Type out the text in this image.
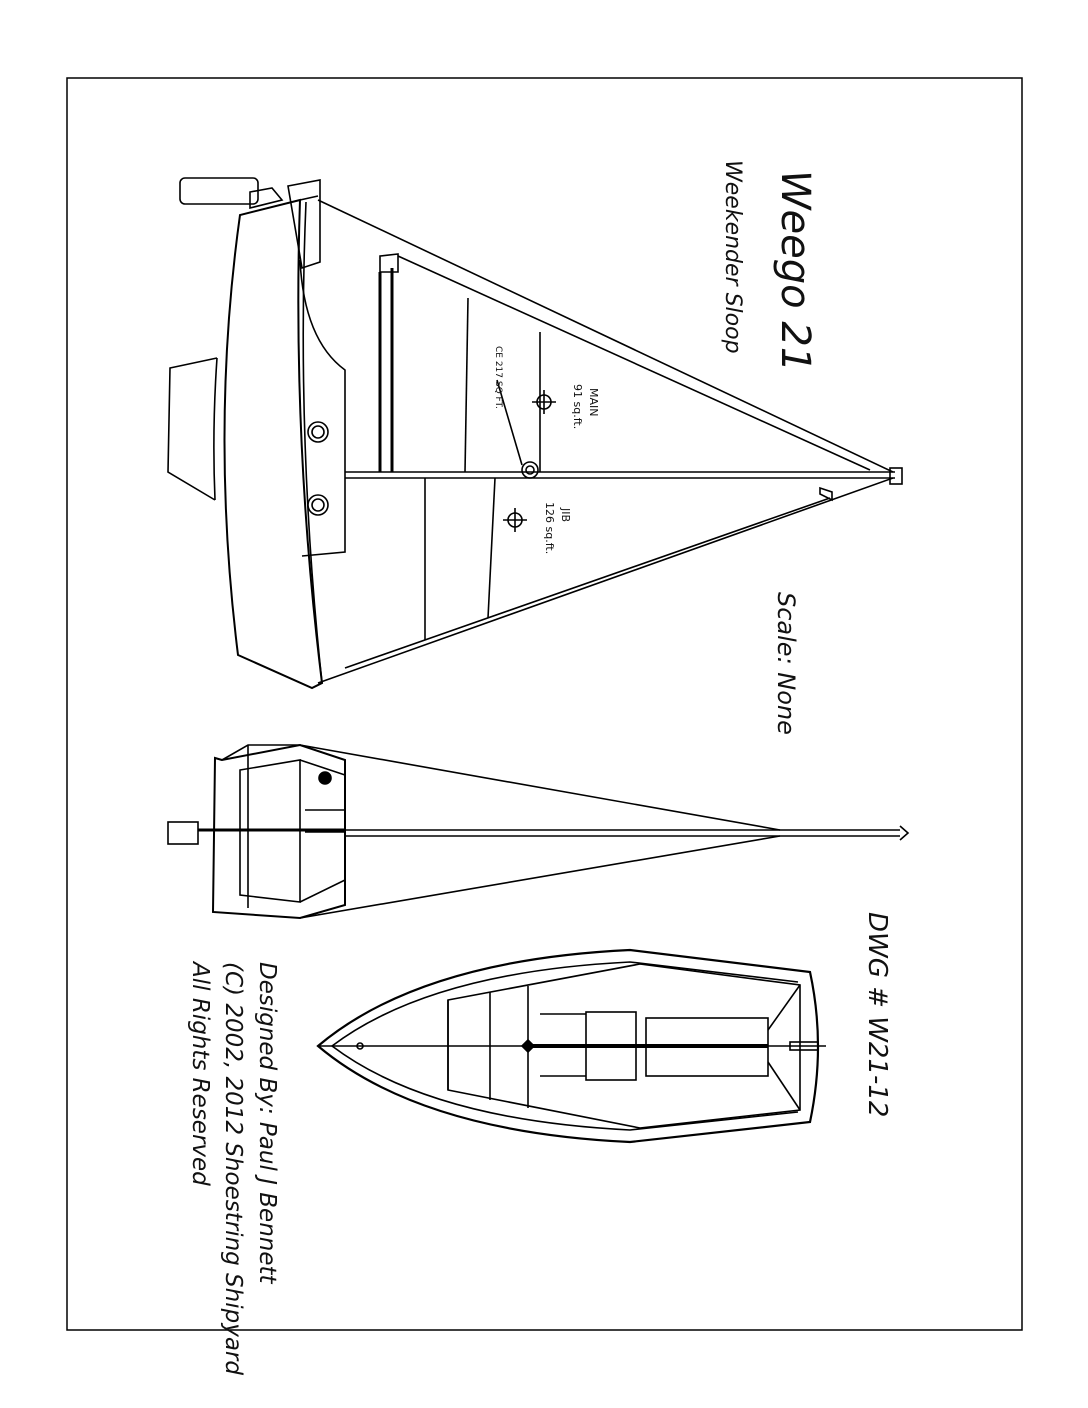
Weego 21
Weekender Sloop
Scale: None
DWG # W21-12
Designed By: Paul J Bennett
(C) 2002, 2012 Shoestring Shipyard
All Rights Reserved
MAIN
91 sq.ft.
CE 217 SQ FT.
JIB
126 sq.ft.
